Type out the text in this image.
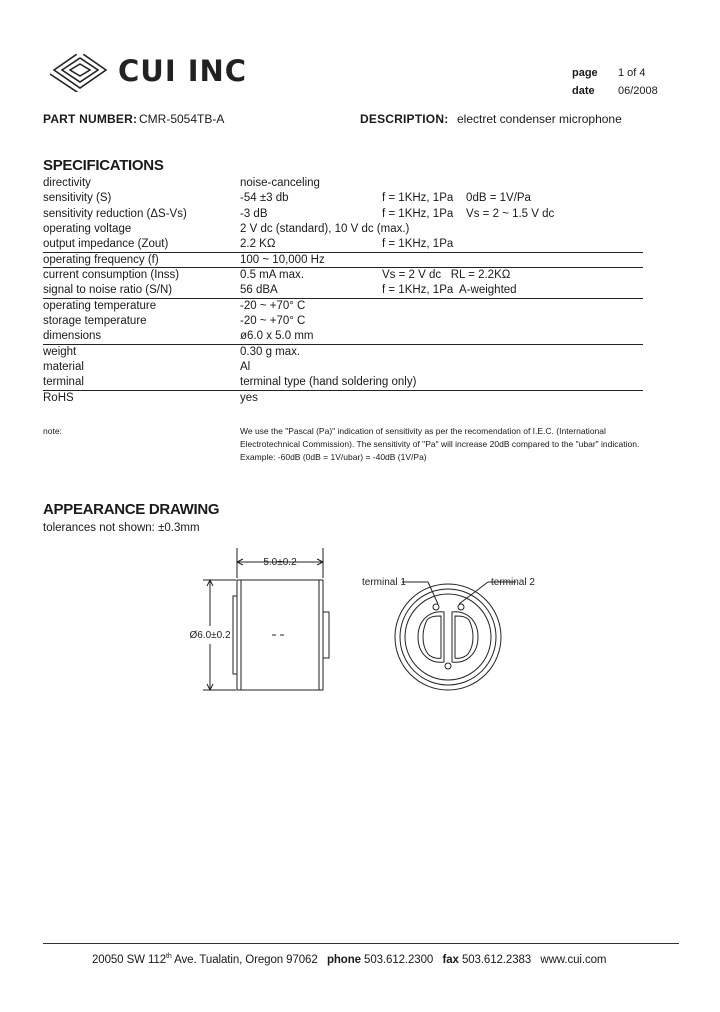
CUI INC	page	1 of 4
date	06/2008
PART NUMBER: CMR-5054TB-A	DESCRIPTION: electret condenser microphone
SPECIFICATIONS
directivity	noise-canceling
sensitivity (S)	-54 ±3 db	f = 1KHz, 1Pa    0dB = 1V/Pa
sensitivity reduction (ΔS-Vs)	-3 dB	f = 1KHz, 1Pa    Vs = 2 ~ 1.5 V dc
operating voltage	2 V dc (standard), 10 V dc (max.)
output impedance (Zout)	2.2 KΩ	f = 1KHz, 1Pa
operating frequency (f)	100 ~ 10,000 Hz
current consumption (Inss)	0.5 mA max.	Vs = 2 V dc   RL = 2.2KΩ
signal to noise ratio (S/N)	56 dBA	f = 1KHz, 1Pa  A-weighted
operating temperature	-20 ~ +70° C
storage temperature	-20 ~ +70° C
dimensions	ø6.0 x 5.0 mm
weight	0.30 g max.
material	Al
terminal	terminal type (hand soldering only)
RoHS	yes
note:	We use the "Pascal (Pa)" indication of sensitivity as per the recomendation of I.E.C. (International Electrotechnical Commission). The sensitivity of "Pa" will increase 20dB compared to the "ubar" indication. Example: -60dB (0dB = 1V/ubar) = -40dB (1V/Pa)
APPEARANCE DRAWING
tolerances not shown: ±0.3mm
5.0±0.2
Ø6.0±0.2
terminal 1	terminal 2
20050 SW 112th Ave. Tualatin, Oregon 97062 phone 503.612.2300 fax 503.612.2383 www.cui.com
